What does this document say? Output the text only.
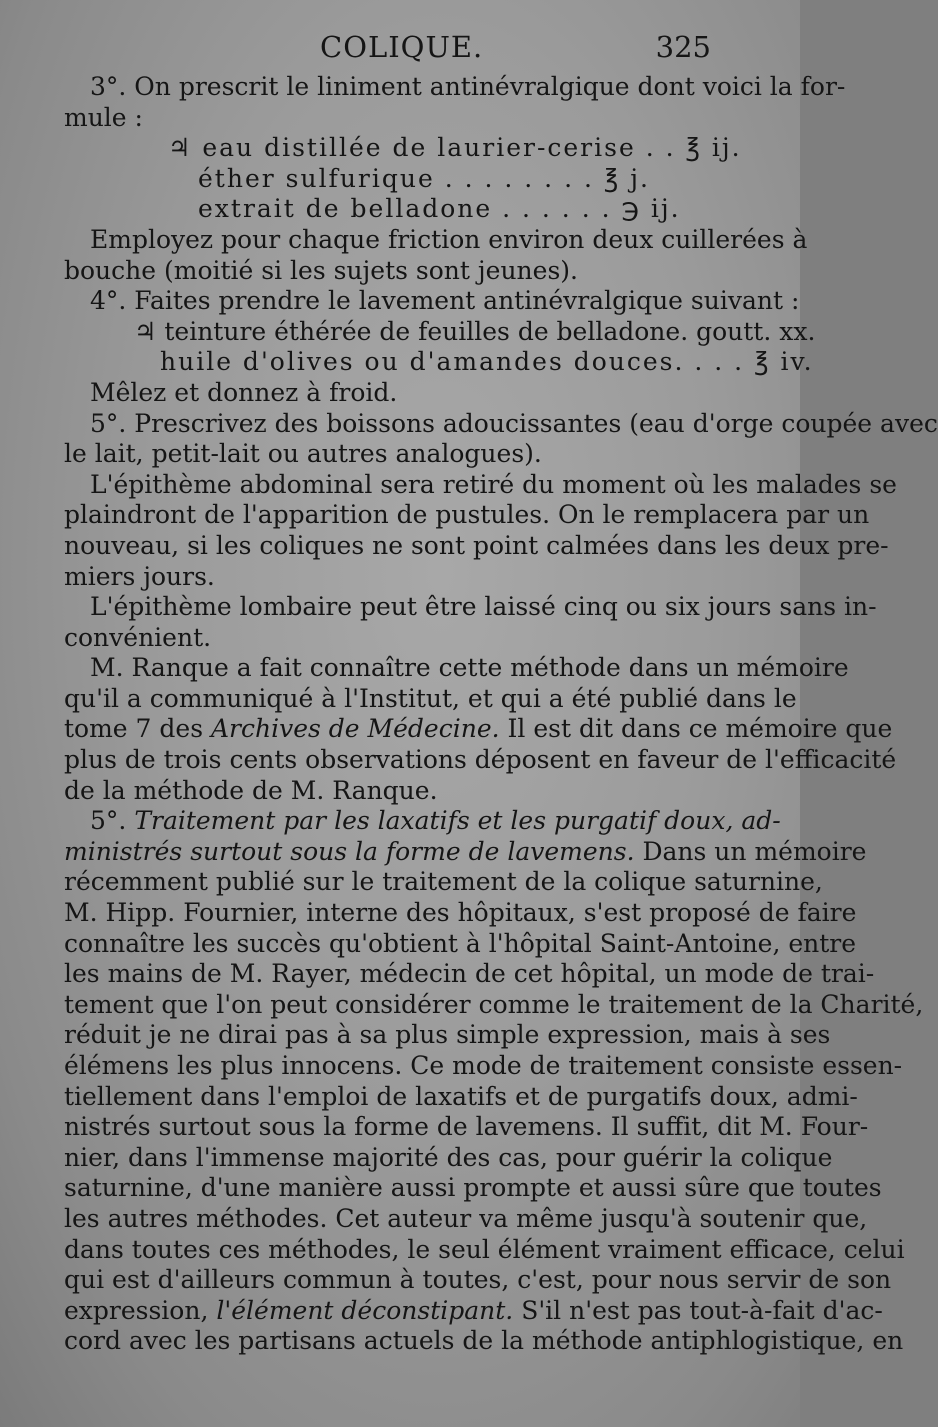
COLIQUE.	325
3°. On prescrit le liniment antinévralgique dont voici la for-
mule :
♃ eau distillée de laurier-cerise . . ℥ ij.
éther sulfurique . . . . . . . . ℥ j.
extrait de belladone . . . . . . ℈ ij.
Employez pour chaque friction environ deux cuillerées à
bouche (moitié si les sujets sont jeunes).
4°. Faites prendre le lavement antinévralgique suivant :
♃ teinture éthérée de feuilles de belladone. goutt. xx.
huile d'olives ou d'amandes douces. . . . ℥ iv.
Mêlez et donnez à froid.
5°. Prescrivez des boissons adoucissantes (eau d'orge coupée avec
le lait, petit-lait ou autres analogues).
L'épithème abdominal sera retiré du moment où les malades se
plaindront de l'apparition de pustules. On le remplacera par un
nouveau, si les coliques ne sont point calmées dans les deux pre-
miers jours.
L'épithème lombaire peut être laissé cinq ou six jours sans in-
convénient.
M. Ranque a fait connaître cette méthode dans un mémoire
qu'il a communiqué à l'Institut, et qui a été publié dans le
tome 7 des Archives de Médecine. Il est dit dans ce mémoire que
plus de trois cents observations déposent en faveur de l'efficacité
de la méthode de M. Ranque.
5°. Traitement par les laxatifs et les purgatif doux, ad-
ministrés surtout sous la forme de lavemens. Dans un mémoire
récemment publié sur le traitement de la colique saturnine,
M. Hipp. Fournier, interne des hôpitaux, s'est proposé de faire
connaître les succès qu'obtient à l'hôpital Saint-Antoine, entre
les mains de M. Rayer, médecin de cet hôpital, un mode de trai-
tement que l'on peut considérer comme le traitement de la Charité,
réduit je ne dirai pas à sa plus simple expression, mais à ses
élémens les plus innocens. Ce mode de traitement consiste essen-
tiellement dans l'emploi de laxatifs et de purgatifs doux, admi-
nistrés surtout sous la forme de lavemens. Il suffit, dit M. Four-
nier, dans l'immense majorité des cas, pour guérir la colique
saturnine, d'une manière aussi prompte et aussi sûre que toutes
les autres méthodes. Cet auteur va même jusqu'à soutenir que,
dans toutes ces méthodes, le seul élément vraiment efficace, celui
qui est d'ailleurs commun à toutes, c'est, pour nous servir de son
expression, l'élément déconstipant. S'il n'est pas tout-à-fait d'ac-
cord avec les partisans actuels de la méthode antiphlogistique, en
